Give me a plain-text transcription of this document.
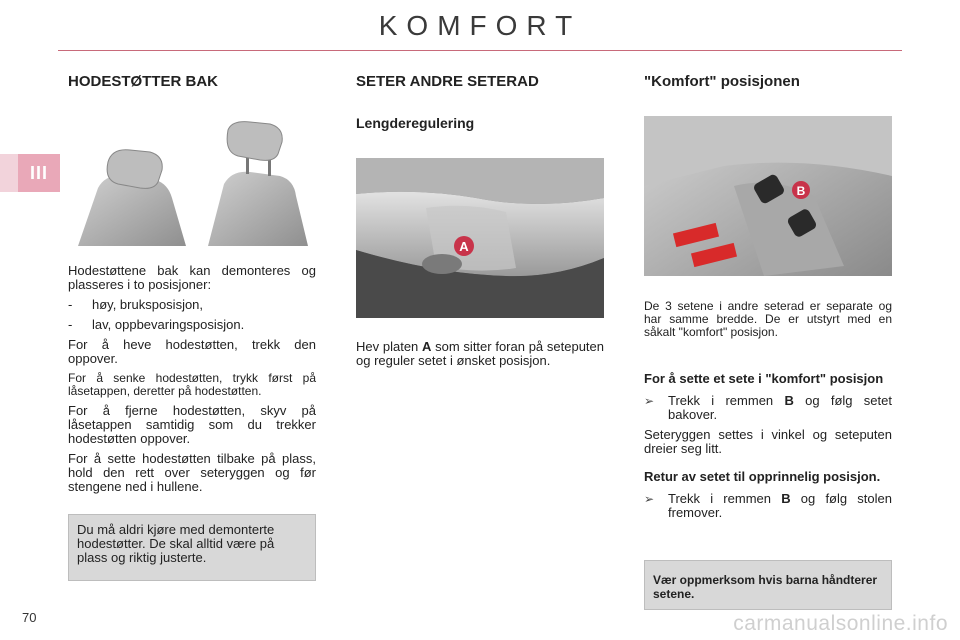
KOMFORT
III
HODESTØTTER BAK

Hodestøttene bak kan demonteres og plasseres i to posisjoner:

-	høy, bruksposisjon,
-	lav, oppbevaringsposisjon.

For å heve hodestøtten, trekk den oppover.

For å senke hodestøtten, trykk først på låsetappen, deretter på hodestøtten.

For å fjerne hodestøtten, skyv på låsetappen samtidig som du trekker hodestøtten oppover.

For å sette hodestøtten tilbake på plass, hold den rett over seteryggen og før stengene ned i hullene.

Du må aldri kjøre med demonterte hodestøtter. De skal alltid være på plass og riktig justerte.
SETER ANDRE SETERAD
Lengderegulering
A

Hev platen A som sitter foran på seteputen og reguler setet i ønsket posisjon.

"Komfort" posisjonen
B
De 3 setene i andre seterad er separate og har samme bredde. De er utstyrt med en såkalt "komfort" posisjon.
For å sette et sete i "komfort" posisjon
➢	Trekk i remmen B og følg setet bakover.

Seteryggen settes i vinkel og seteputen dreier seg litt.

Retur av setet til opprinnelig posisjon.
➢	Trekk i remmen B og følg stolen fremover.
Vær oppmerksom hvis barna håndterer setene.
70	carmanualsonline.info
